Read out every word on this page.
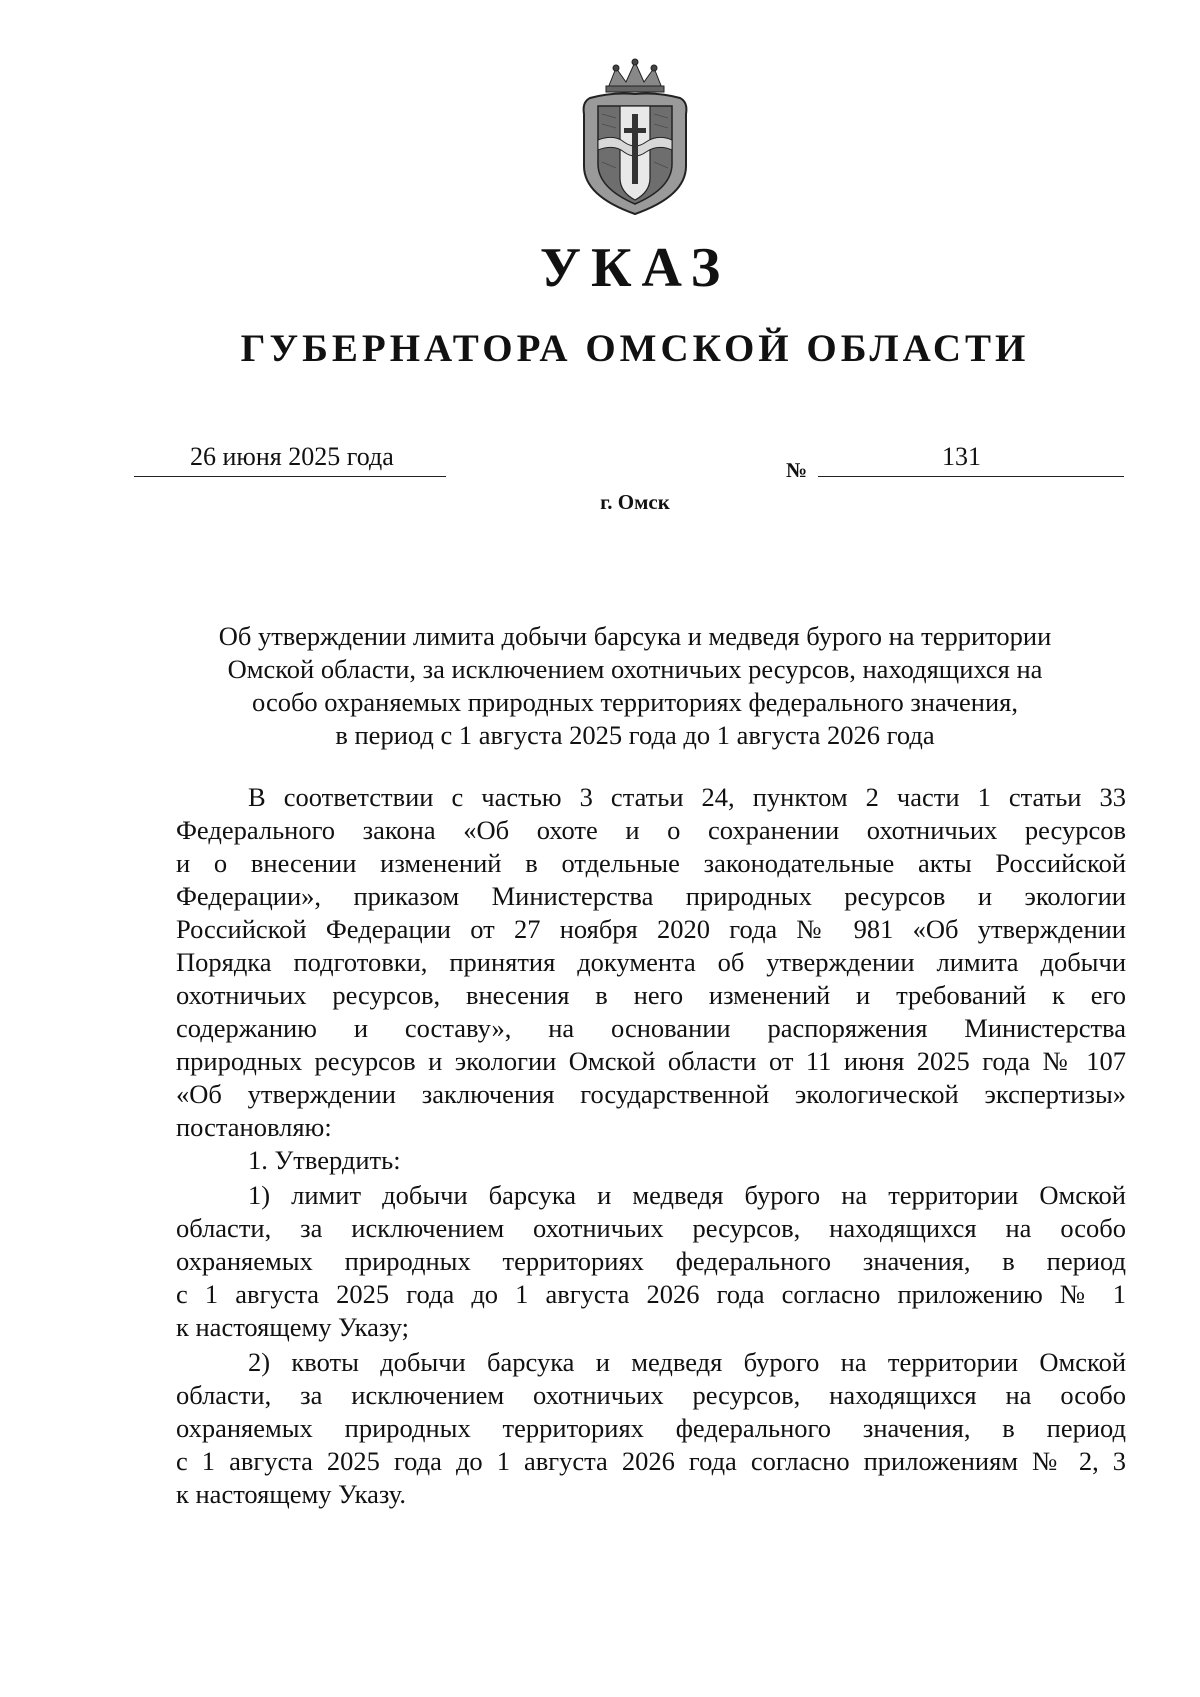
УКАЗ
ГУБЕРНАТОРА ОМСКОЙ ОБЛАСТИ
26 июня 2025 года	№	131
г. Омск
Об утверждении лимита добычи барсука и медведя бурого на территории
Омской области, за исключением охотничьих ресурсов, находящихся на
особо охраняемых природных территориях федерального значения,
в период с 1 августа 2025 года до 1 августа 2026 года
В соответствии с частью 3 статьи 24, пунктом 2 части 1 статьи 33
Федерального закона «Об охоте и о сохранении охотничьих ресурсов
и о внесении изменений в отдельные законодательные акты Российской
Федерации», приказом Министерства природных ресурсов и экологии
Российской Федерации от 27 ноября 2020 года № 981 «Об утверждении
Порядка подготовки, принятия документа об утверждении лимита добычи
охотничьих ресурсов, внесения в него изменений и требований к его
содержанию и составу», на основании распоряжения Министерства
природных ресурсов и экологии Омской области от 11 июня 2025 года № 107
«Об утверждении заключения государственной экологической экспертизы»
постановляю:
1. Утвердить:
1) лимит добычи барсука и медведя бурого на территории Омской
области, за исключением охотничьих ресурсов, находящихся на особо
охраняемых природных территориях федерального значения, в период
с 1 августа 2025 года до 1 августа 2026 года согласно приложению № 1
к настоящему Указу;
2) квоты добычи барсука и медведя бурого на территории Омской
области, за исключением охотничьих ресурсов, находящихся на особо
охраняемых природных территориях федерального значения, в период
с 1 августа 2025 года до 1 августа 2026 года согласно приложениям № 2, 3
к настоящему Указу.
